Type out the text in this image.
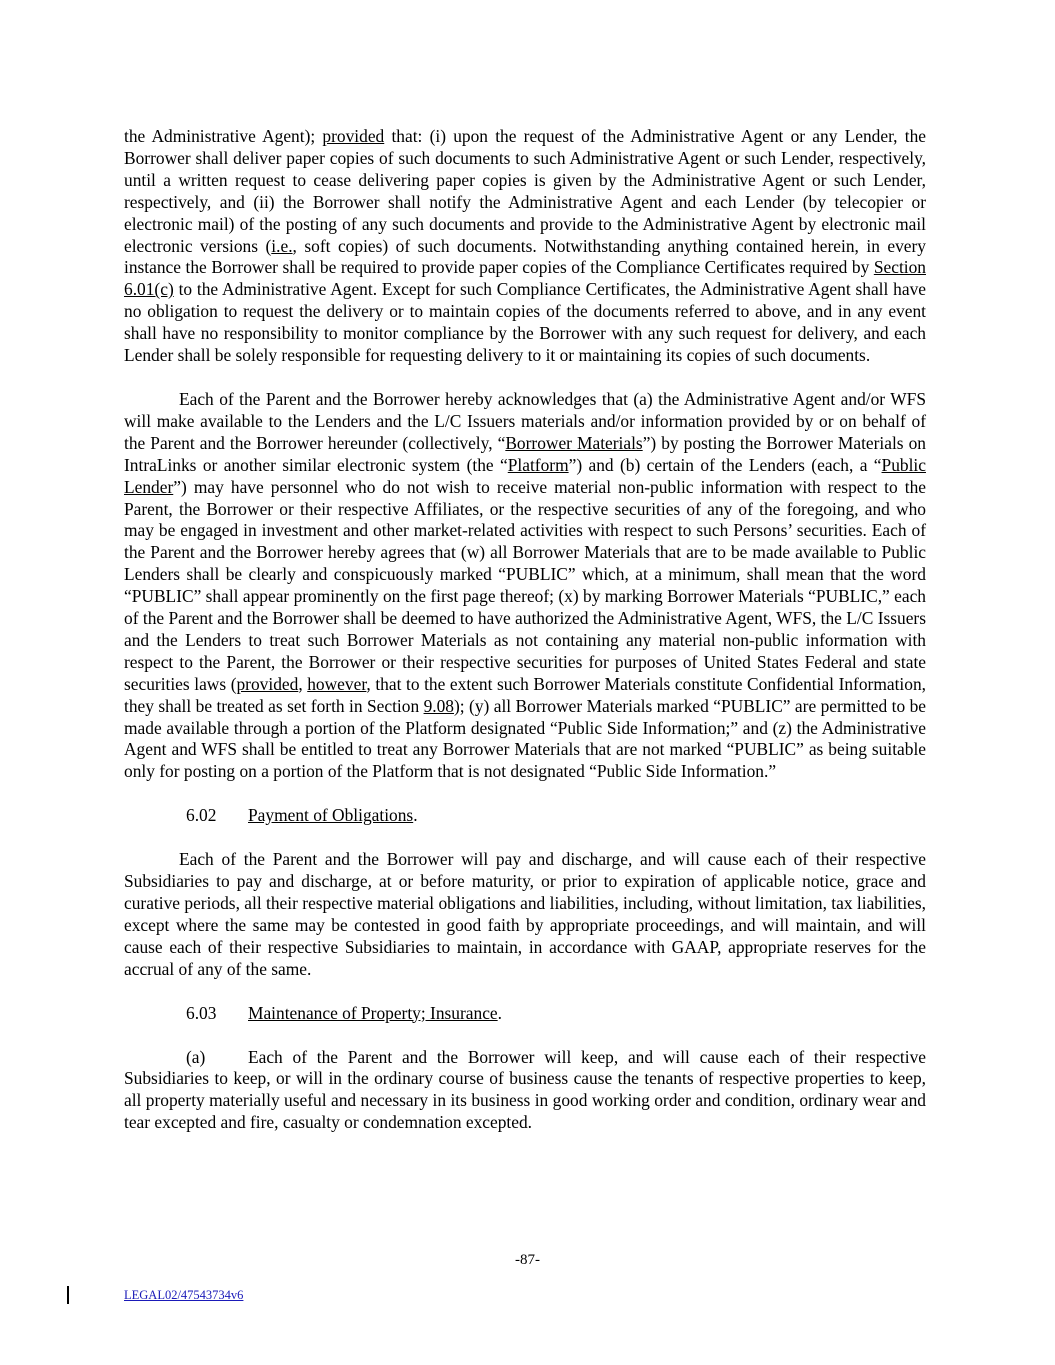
the Administrative Agent); provided that: (i) upon the request of the Administrative Agent or any Lender, the Borrower shall deliver paper copies of such documents to such Administrative Agent or such Lender, respectively, until a written request to cease delivering paper copies is given by the Administrative Agent or such Lender, respectively, and (ii) the Borrower shall notify the Administrative Agent and each Lender (by telecopier or electronic mail) of the posting of any such documents and provide to the Administrative Agent by electronic mail electronic versions (i.e., soft copies) of such documents. Notwithstanding anything contained herein, in every instance the Borrower shall be required to provide paper copies of the Compliance Certificates required by Section 6.01(c) to the Administrative Agent. Except for such Compliance Certificates, the Administrative Agent shall have no obligation to request the delivery or to maintain copies of the documents referred to above, and in any event shall have no responsibility to monitor compliance by the Borrower with any such request for delivery, and each Lender shall be solely responsible for requesting delivery to it or maintaining its copies of such documents.

Each of the Parent and the Borrower hereby acknowledges that (a) the Administrative Agent and/or WFS will make available to the Lenders and the L/C Issuers materials and/or information provided by or on behalf of the Parent and the Borrower hereunder (collectively, “Borrower Materials”) by posting the Borrower Materials on IntraLinks or another similar electronic system (the “Platform”) and (b) certain of the Lenders (each, a “Public Lender”) may have personnel who do not wish to receive material non-public information with respect to the Parent, the Borrower or their respective Affiliates, or the respective securities of any of the foregoing, and who may be engaged in investment and other market-related activities with respect to such Persons’ securities. Each of the Parent and the Borrower hereby agrees that (w) all Borrower Materials that are to be made available to Public Lenders shall be clearly and conspicuously marked “PUBLIC” which, at a minimum, shall mean that the word “PUBLIC” shall appear prominently on the first page thereof; (x) by marking Borrower Materials “PUBLIC,” each of the Parent and the Borrower shall be deemed to have authorized the Administrative Agent, WFS, the L/C Issuers and the Lenders to treat such Borrower Materials as not containing any material non-public information with respect to the Parent, the Borrower or their respective securities for purposes of United States Federal and state securities laws (provided, however, that to the extent such Borrower Materials constitute Confidential Information, they shall be treated as set forth in Section 9.08); (y) all Borrower Materials marked “PUBLIC” are permitted to be made available through a portion of the Platform designated “Public Side Information;” and (z) the Administrative Agent and WFS shall be entitled to treat any Borrower Materials that are not marked “PUBLIC” as being suitable only for posting on a portion of the Platform that is not designated “Public Side Information.”

6.02 Payment of Obligations.

Each of the Parent and the Borrower will pay and discharge, and will cause each of their respective Subsidiaries to pay and discharge, at or before maturity, or prior to expiration of applicable notice, grace and curative periods, all their respective material obligations and liabilities, including, without limitation, tax liabilities, except where the same may be contested in good faith by appropriate proceedings, and will maintain, and will cause each of their respective Subsidiaries to maintain, in accordance with GAAP, appropriate reserves for the accrual of any of the same.

6.03 Maintenance of Property; Insurance.

(a) Each of the Parent and the Borrower will keep, and will cause each of their respective Subsidiaries to keep, or will in the ordinary course of business cause the tenants of respective properties to keep, all property materially useful and necessary in its business in good working order and condition, ordinary wear and tear excepted and fire, casualty or condemnation excepted.

-87-
LEGAL02/47543734v6
